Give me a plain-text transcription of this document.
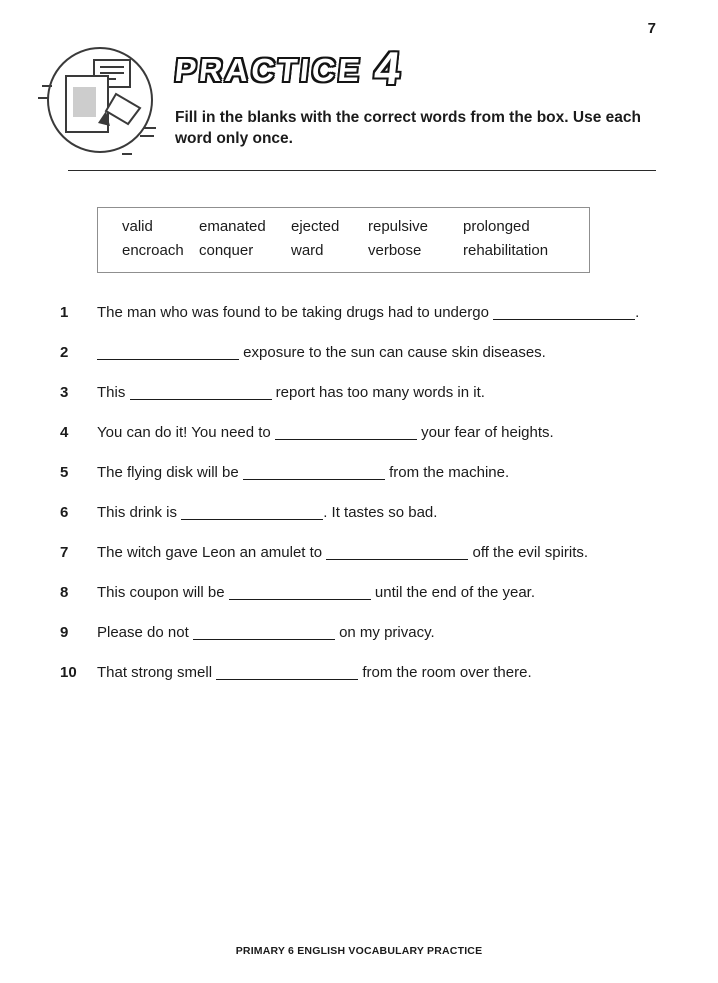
7
PRACTICE 4
Fill in the blanks with the correct words from the box. Use each word only once.
valid	emanated	ejected	repulsive	prolonged
encroach	conquer	ward	verbose	rehabilitation
1	The man who was found to be taking drugs had to undergo	.
2	exposure to the sun can cause skin diseases.
3	This	report has too many words in it.
4	You can do it! You need to	your fear of heights.
5	The flying disk will be	from the machine.
6	This drink is	. It tastes so bad.
7	The witch gave Leon an amulet to	off the evil spirits.
8	This coupon will be	until the end of the year.
9	Please do not	on my privacy.
10	That strong smell	from the room over there.
PRIMARY 6 ENGLISH VOCABULARY PRACTICE
